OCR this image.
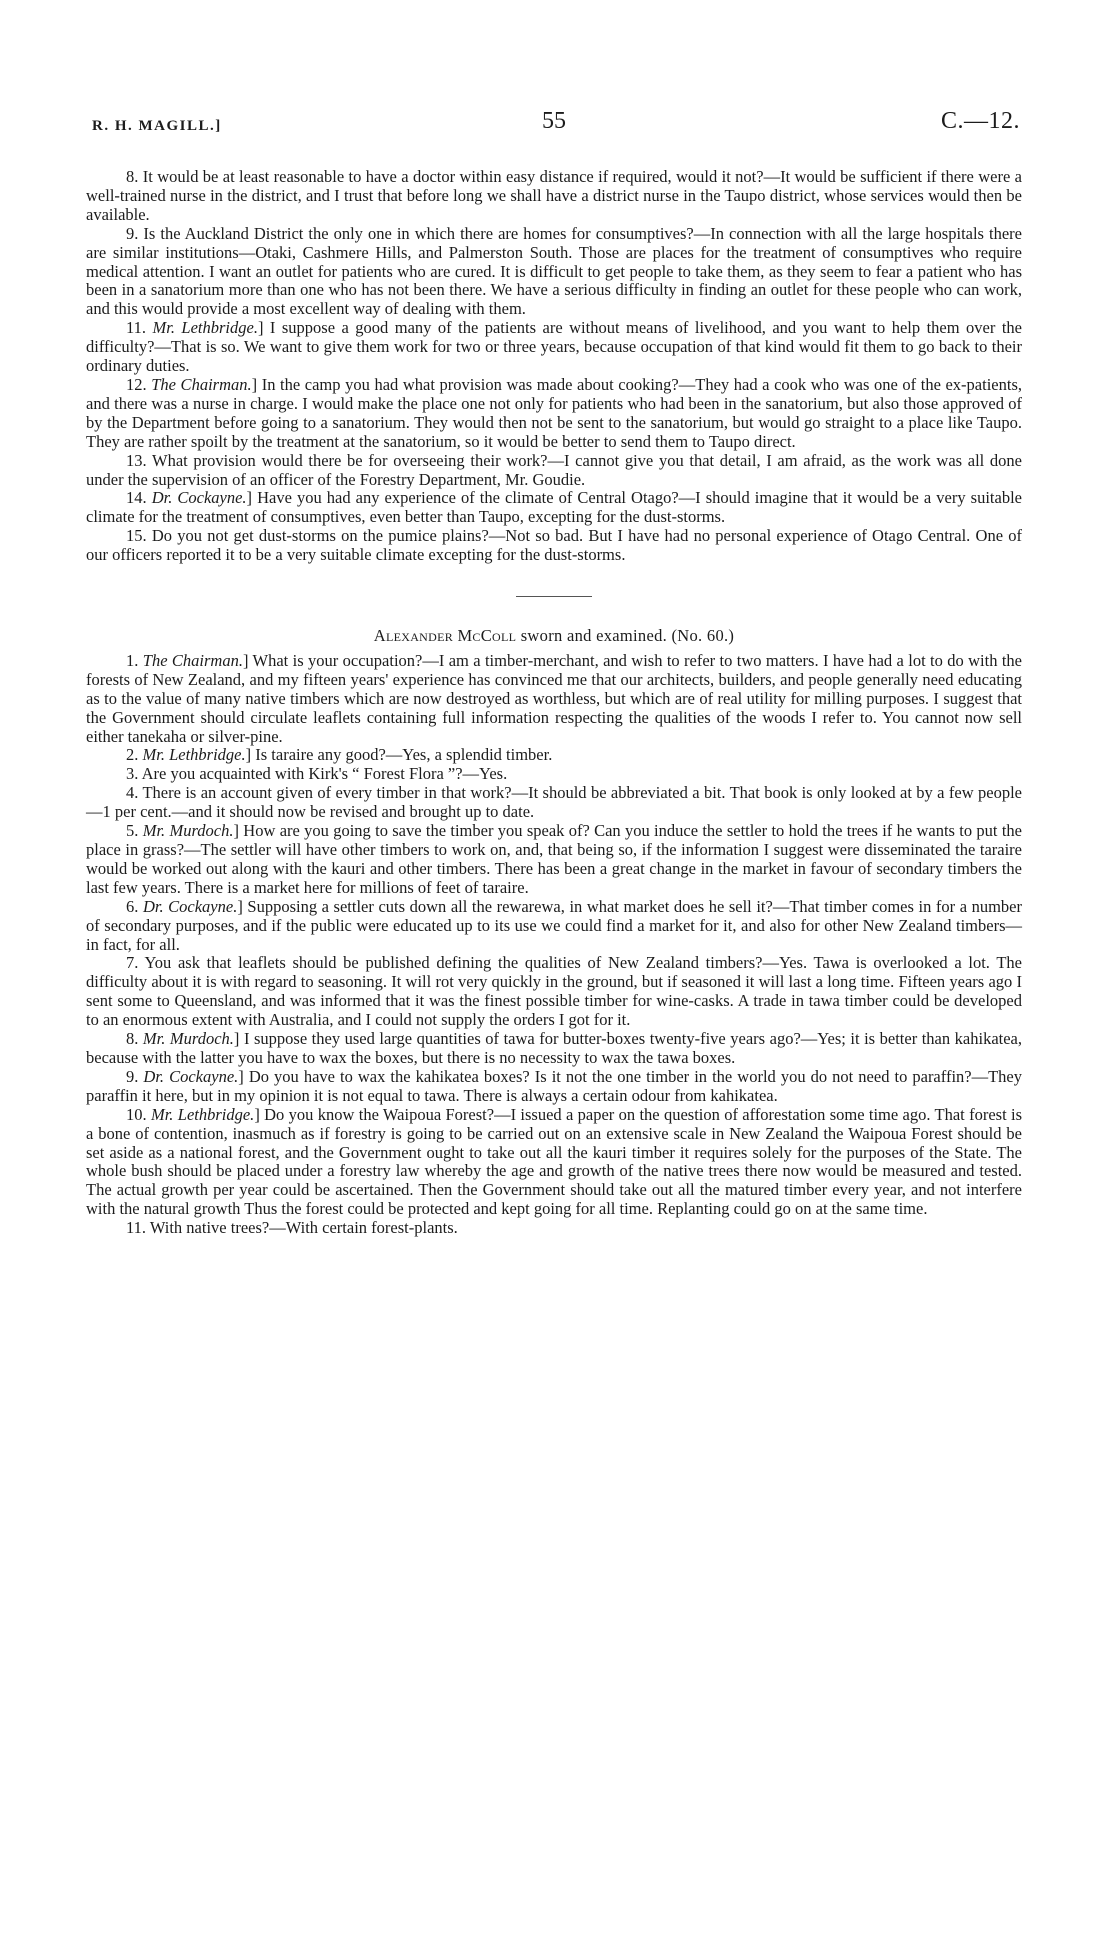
R. H. MAGILL.]	55	C.—12.

8. It would be at least reasonable to have a doctor within easy distance if required, would it not?—It would be sufficient if there were a well-trained nurse in the district, and I trust that before long we shall have a district nurse in the Taupo district, whose services would then be available.

9. Is the Auckland District the only one in which there are homes for consumptives?—In connection with all the large hospitals there are similar institutions—Otaki, Cashmere Hills, and Palmerston South. Those are places for the treatment of consumptives who require medical attention. I want an outlet for patients who are cured. It is difficult to get people to take them, as they seem to fear a patient who has been in a sanatorium more than one who has not been there. We have a serious difficulty in finding an outlet for these people who can work, and this would provide a most excellent way of dealing with them.

11. Mr. Lethbridge.] I suppose a good many of the patients are without means of livelihood, and you want to help them over the difficulty?—That is so. We want to give them work for two or three years, because occupation of that kind would fit them to go back to their ordinary duties.

12. The Chairman.] In the camp you had what provision was made about cooking?—They had a cook who was one of the ex-patients, and there was a nurse in charge. I would make the place one not only for patients who had been in the sanatorium, but also those approved of by the Department before going to a sanatorium. They would then not be sent to the sanatorium, but would go straight to a place like Taupo. They are rather spoilt by the treatment at the sanatorium, so it would be better to send them to Taupo direct.

13. What provision would there be for overseeing their work?—I cannot give you that detail, I am afraid, as the work was all done under the supervision of an officer of the Forestry Department, Mr. Goudie.

14. Dr. Cockayne.] Have you had any experience of the climate of Central Otago?—I should imagine that it would be a very suitable climate for the treatment of consumptives, even better than Taupo, excepting for the dust-storms.

15. Do you not get dust-storms on the pumice plains?—Not so bad. But I have had no personal experience of Otago Central. One of our officers reported it to be a very suitable climate excepting for the dust-storms.

Alexander McColl sworn and examined. (No. 60.)

1. The Chairman.] What is your occupation?—I am a timber-merchant, and wish to refer to two matters. I have had a lot to do with the forests of New Zealand, and my fifteen years' experience has convinced me that our architects, builders, and people generally need educating as to the value of many native timbers which are now destroyed as worthless, but which are of real utility for milling purposes. I suggest that the Government should circulate leaflets containing full information respecting the qualities of the woods I refer to. You cannot now sell either tanekaha or silver-pine.

2. Mr. Lethbridge.] Is taraire any good?—Yes, a splendid timber.

3. Are you acquainted with Kirk's “ Forest Flora ”?—Yes.

4. There is an account given of every timber in that work?—It should be abbreviated a bit. That book is only looked at by a few people—1 per cent.—and it should now be revised and brought up to date.

5. Mr. Murdoch.] How are you going to save the timber you speak of? Can you induce the settler to hold the trees if he wants to put the place in grass?—The settler will have other timbers to work on, and, that being so, if the information I suggest were disseminated the taraire would be worked out along with the kauri and other timbers. There has been a great change in the market in favour of secondary timbers the last few years. There is a market here for millions of feet of taraire.

6. Dr. Cockayne.] Supposing a settler cuts down all the rewarewa, in what market does he sell it?—That timber comes in for a number of secondary purposes, and if the public were educated up to its use we could find a market for it, and also for other New Zealand timbers—in fact, for all.

7. You ask that leaflets should be published defining the qualities of New Zealand timbers?—Yes. Tawa is overlooked a lot. The difficulty about it is with regard to seasoning. It will rot very quickly in the ground, but if seasoned it will last a long time. Fifteen years ago I sent some to Queensland, and was informed that it was the finest possible timber for wine-casks. A trade in tawa timber could be developed to an enormous extent with Australia, and I could not supply the orders I got for it.

8. Mr. Murdoch.] I suppose they used large quantities of tawa for butter-boxes twenty-five years ago?—Yes; it is better than kahikatea, because with the latter you have to wax the boxes, but there is no necessity to wax the tawa boxes.

9. Dr. Cockayne.] Do you have to wax the kahikatea boxes? Is it not the one timber in the world you do not need to paraffin?—They paraffin it here, but in my opinion it is not equal to tawa. There is always a certain odour from kahikatea.

10. Mr. Lethbridge.] Do you know the Waipoua Forest?—I issued a paper on the question of afforestation some time ago. That forest is a bone of contention, inasmuch as if forestry is going to be carried out on an extensive scale in New Zealand the Waipoua Forest should be set aside as a national forest, and the Government ought to take out all the kauri timber it requires solely for the purposes of the State. The whole bush should be placed under a forestry law whereby the age and growth of the native trees there now would be measured and tested. The actual growth per year could be ascertained. Then the Government should take out all the matured timber every year, and not interfere with the natural growth Thus the forest could be protected and kept going for all time. Replanting could go on at the same time.

11. With native trees?—With certain forest-plants.
